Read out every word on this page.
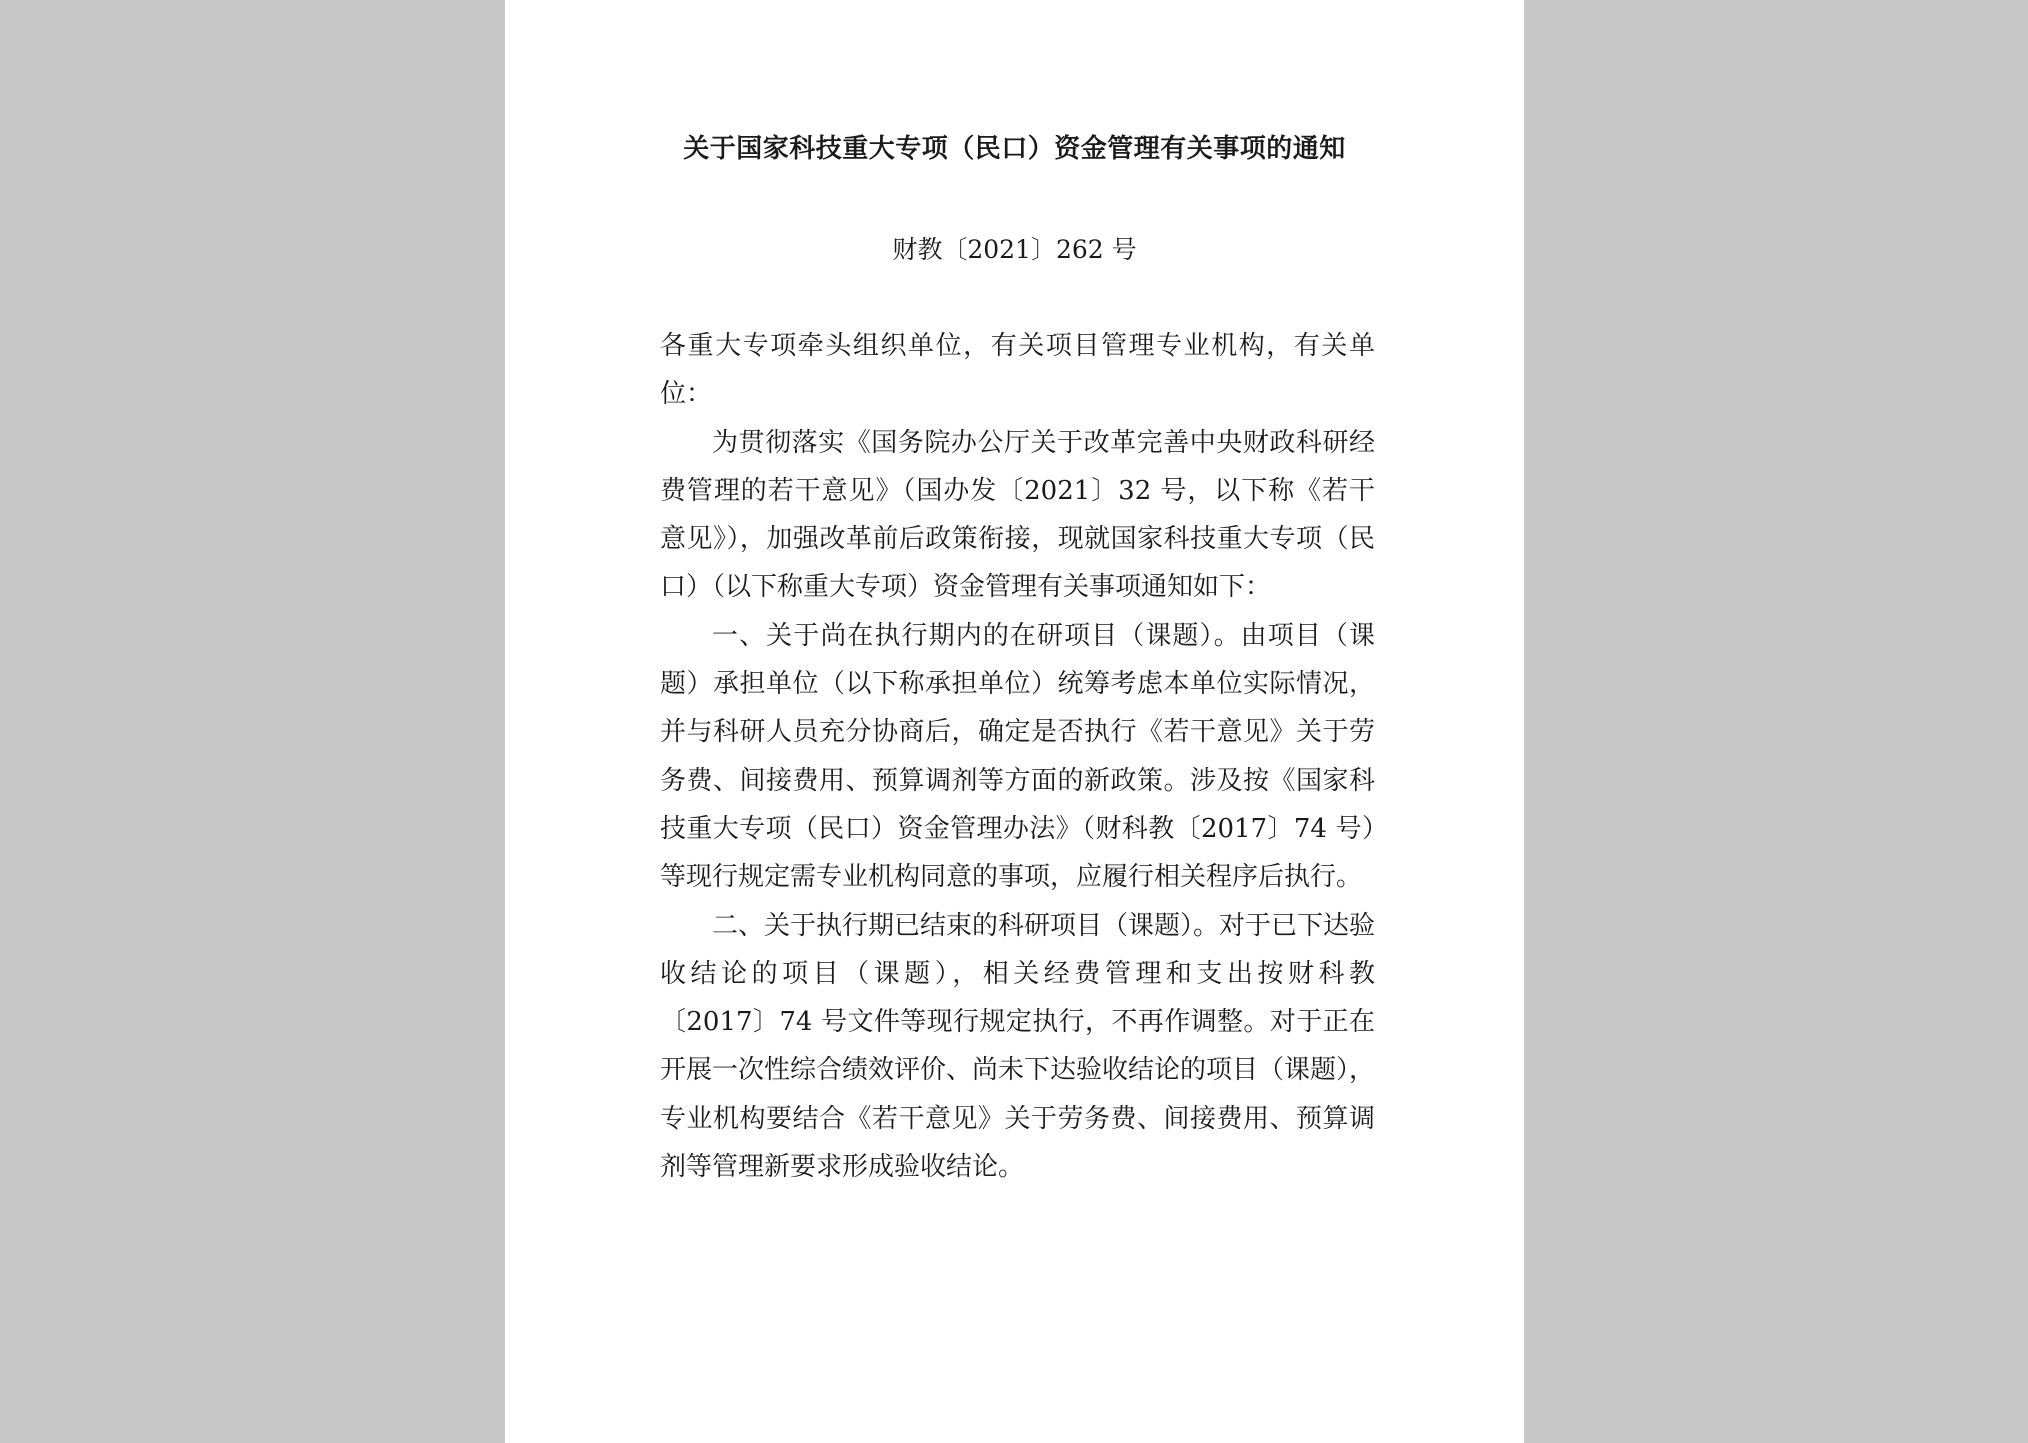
关于国家科技重大专项（民口）资金管理有关事项的通知
财教〔2021〕262 号

各重大专项牵头组织单位，有关项目管理专业机构，有关单位：

为贯彻落实《国务院办公厅关于改革完善中央财政科研经费管理的若干意见》（国办发〔2021〕32 号，以下称《若干意见》），加强改革前后政策衔接，现就国家科技重大专项（民口）（以下称重大专项）资金管理有关事项通知如下：

一、关于尚在执行期内的在研项目（课题）。由项目（课题）承担单位（以下称承担单位）统筹考虑本单位实际情况，并与科研人员充分协商后，确定是否执行《若干意见》关于劳务费、间接费用、预算调剂等方面的新政策。涉及按《国家科技重大专项（民口）资金管理办法》（财科教〔2017〕74 号）等现行规定需专业机构同意的事项，应履行相关程序后执行。

二、关于执行期已结束的科研项目（课题）。对于已下达验收结论的项目（课题），相关经费管理和支出按财科教〔2017〕74 号文件等现行规定执行，不再作调整。对于正在开展一次性综合绩效评价、尚未下达验收结论的项目（课题），专业机构要结合《若干意见》关于劳务费、间接费用、预算调剂等管理新要求形成验收结论。
